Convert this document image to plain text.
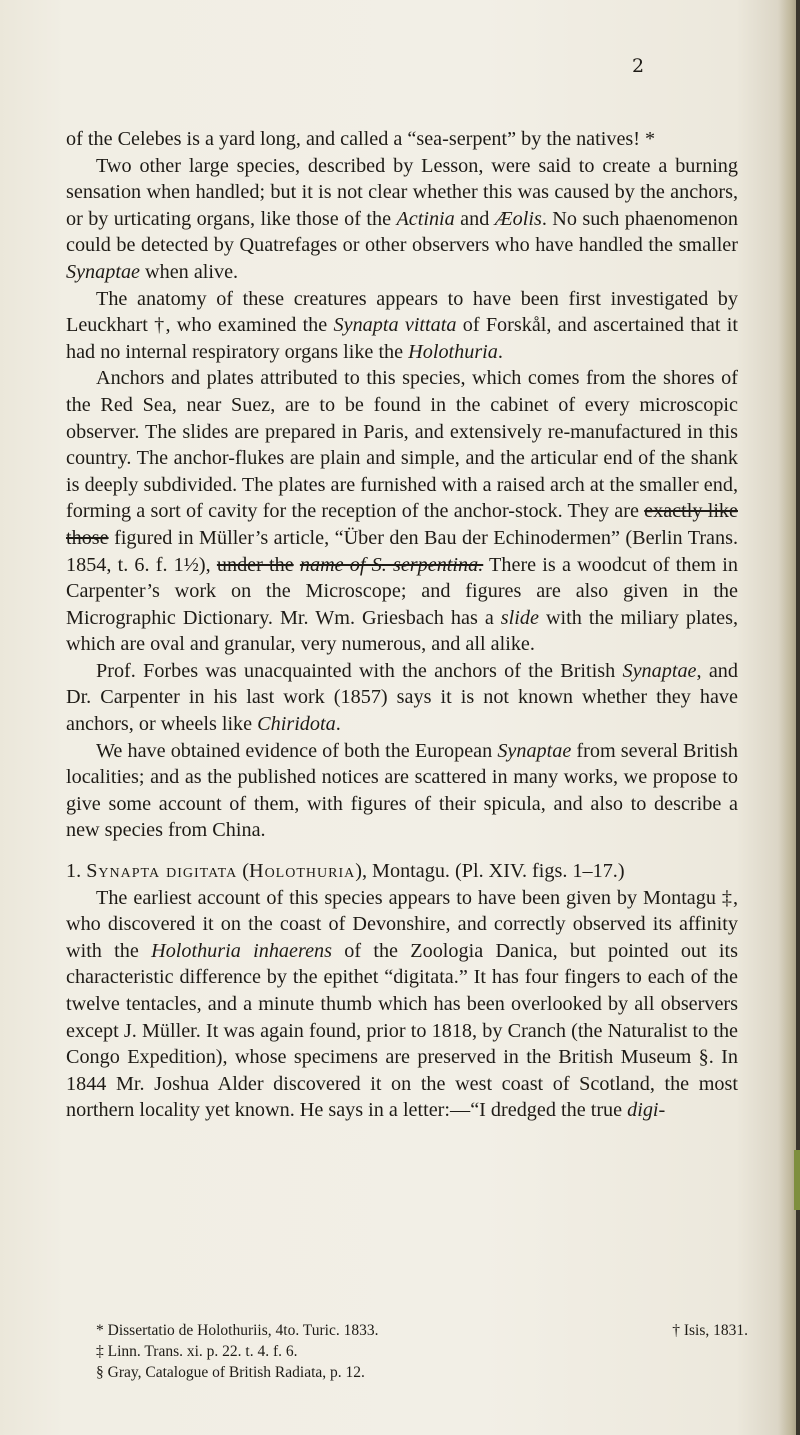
2

of the Celebes is a yard long, and called a “sea-serpent” by the natives! *

Two other large species, described by Lesson, were said to create a burning sensation when handled; but it is not clear whether this was caused by the anchors, or by urticating organs, like those of the Actinia and Æolis. No such phaenomenon could be detected by Quatrefages or other observers who have handled the smaller Synaptae when alive.

The anatomy of these creatures appears to have been first investigated by Leuckhart †, who examined the Synapta vittata of Forskål, and ascertained that it had no internal respiratory organs like the Holothuria.

Anchors and plates attributed to this species, which comes from the shores of the Red Sea, near Suez, are to be found in the cabinet of every microscopic observer. The slides are prepared in Paris, and extensively re-manufactured in this country. The anchor-flukes are plain and simple, and the articular end of the shank is deeply subdivided. The plates are furnished with a raised arch at the smaller end, forming a sort of cavity for the reception of the anchor-stock. They are exactly like those figured in Müller’s article, “Über den Bau der Echinodermen” (Berlin Trans. 1854, t. 6. f. 1½), under the name of S. serpentina. There is a woodcut of them in Carpenter’s work on the Microscope; and figures are also given in the Micrographic Dictionary. Mr. Wm. Griesbach has a slide with the miliary plates, which are oval and granular, very numerous, and all alike.

Prof. Forbes was unacquainted with the anchors of the British Synaptae, and Dr. Carpenter in his last work (1857) says it is not known whether they have anchors, or wheels like Chiridota.

We have obtained evidence of both the European Synaptae from several British localities; and as the published notices are scattered in many works, we propose to give some account of them, with figures of their spicula, and also to describe a new species from China.

1. Synapta digitata (Holothuria), Montagu. (Pl. XIV. figs. 1–17.)

The earliest account of this species appears to have been given by Montagu ‡, who discovered it on the coast of Devonshire, and correctly observed its affinity with the Holothuria inhaerens of the Zoologia Danica, but pointed out its characteristic difference by the epithet “digitata.” It has four fingers to each of the twelve tentacles, and a minute thumb which has been overlooked by all observers except J. Müller. It was again found, prior to 1818, by Cranch (the Naturalist to the Congo Expedition), whose specimens are preserved in the British Museum §. In 1844 Mr. Joshua Alder discovered it on the west coast of Scotland, the most northern locality yet known. He says in a letter:—“I dredged the true digi-

* Dissertatio de Holothuriis, 4to. Turic. 1833.	† Isis, 1831.

‡ Linn. Trans. xi. p. 22. t. 4. f. 6.

§ Gray, Catalogue of British Radiata, p. 12.
